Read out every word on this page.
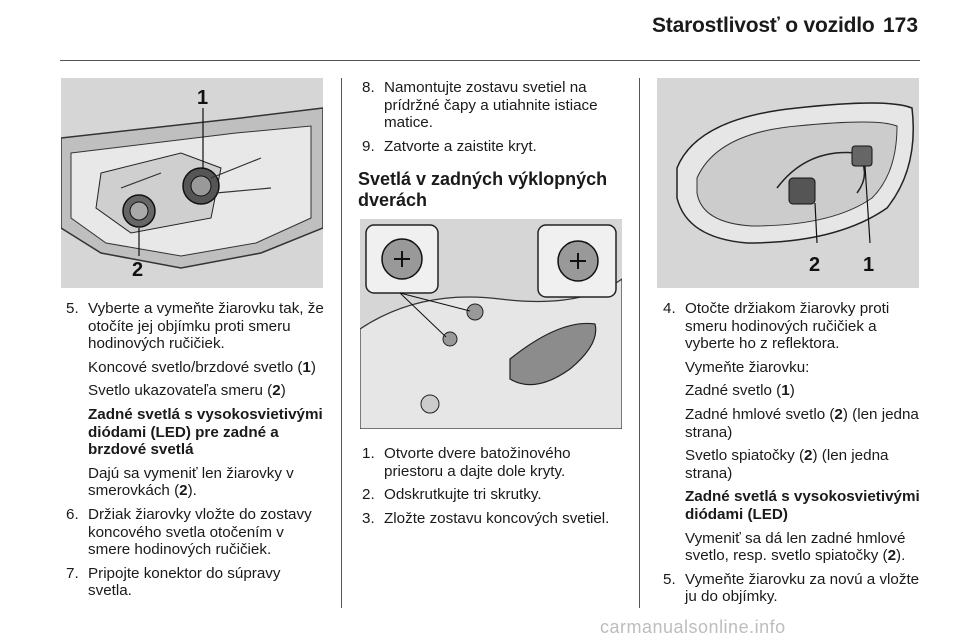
Starostlivosť o vozidlo 173
1
2	2 1
5. Vyberte a vymeňte žiarovku tak, že otočíte jej objímku proti smeru hodinových ručičiek.

Koncové svetlo/brzdové svetlo (1)

Svetlo ukazovateľa smeru (2)

Zadné svetlá s vysokosvietivými diódami (LED) pre zadné a brzdové svetlá

Dajú sa vymeniť len žiarovky v smerovkách (2).

6. Držiak žiarovky vložte do zostavy koncového svetla otočením v smere hodinových ručičiek.
7. Pripojte konektor do súpravy svetla.
8. Namontujte zostavu svetiel na prídržné čapy a utiahnite istiace matice.
9. Zatvorte a zaistite kryt.
Svetlá v zadných výklopných dverách
1. Otvorte dvere batožinového priestoru a dajte dole kryty.
2. Odskrutkujte tri skrutky.
3. Zložte zostavu koncových svetiel.
4. Otočte držiakom žiarovky proti smeru hodinových ručičiek a vyberte ho z reflektora.

Vymeňte žiarovku:

Zadné svetlo (1)

Zadné hmlové svetlo (2) (len jedna strana)

Svetlo spiatočky (2) (len jedna strana)

Zadné svetlá s vysokosvietivými diódami (LED)

Vymeniť sa dá len zadné hmlové svetlo, resp. svetlo spiatočky (2).

5. Vymeňte žiarovku za novú a vložte ju do objímky.
carmanualsonline.info
